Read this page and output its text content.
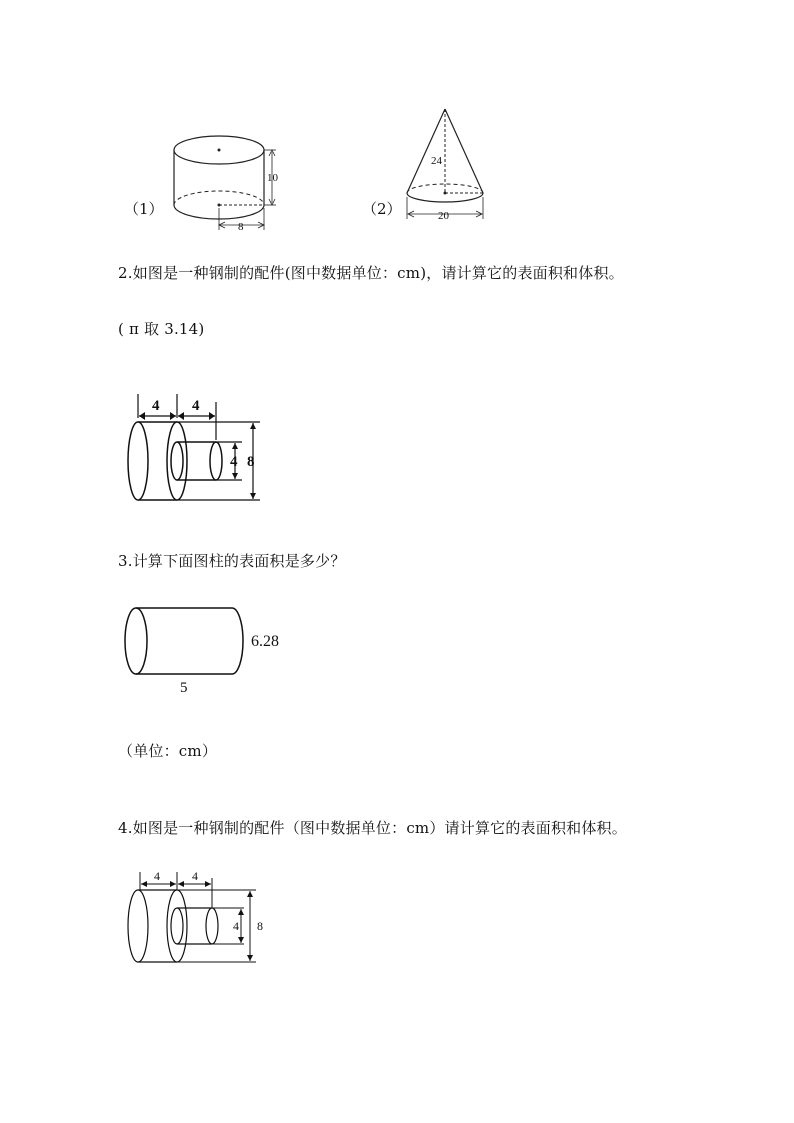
（1）
10
8
（2）
24
20
2.如图是一种钢制的配件(图中数据单位：cm)，请计算它的表面积和体积。
( π 取 3.14)
4 4
4 8
3.计算下面图柱的表面积是多少？
6.28
5
（单位：cm）
4.如图是一种钢制的配件（图中数据单位：cm）请计算它的表面积和体积。
4	4
4 8
